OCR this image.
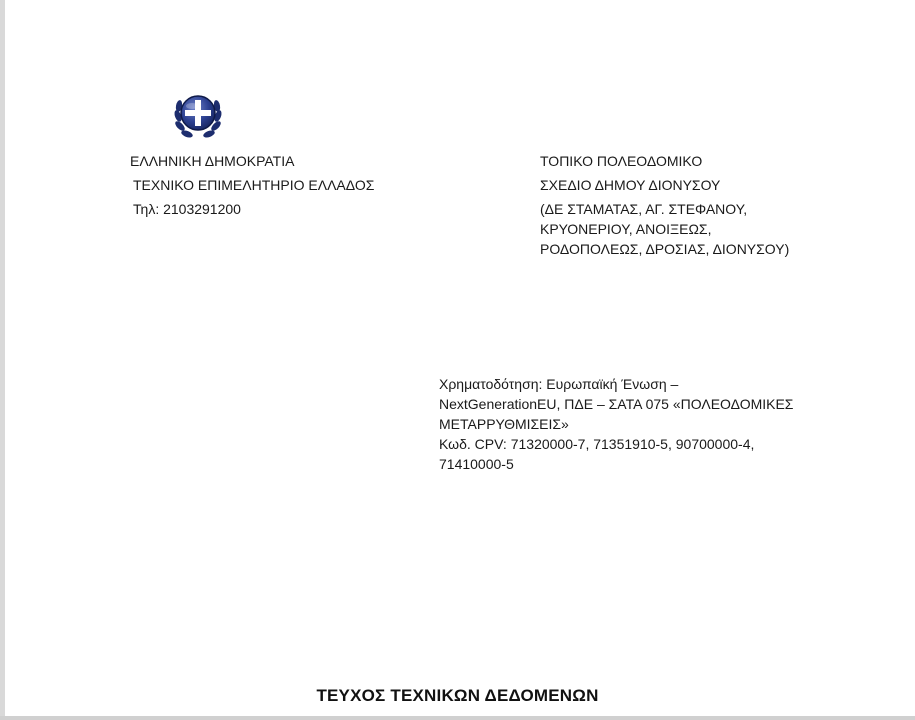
ΕΛΛΗΝΙΚΗ ΔΗΜΟΚΡΑΤΙΑ
ΤΕΧΝΙΚΟ ΕΠΙΜΕΛΗΤΗΡΙΟ ΕΛΛΑΔΟΣ
Τηλ: 2103291200
ΤΟΠΙΚΟ ΠΟΛΕΟΔΟΜΙΚΟ
ΣΧΕΔΙΟ ΔΗΜΟΥ ΔΙΟΝΥΣΟΥ
(ΔΕ ΣΤΑΜΑΤΑΣ, ΑΓ. ΣΤΕΦΑΝΟΥ,
ΚΡΥΟΝΕΡΙΟΥ, ΑΝΟΙΞΕΩΣ,
ΡΟΔΟΠΟΛΕΩΣ, ΔΡΟΣΙΑΣ, ΔΙΟΝΥΣΟΥ)
Χρηματοδότηση: Ευρωπαϊκή Ένωση –
NextGenerationEU, ΠΔΕ – ΣΑΤΑ 075 «ΠΟΛΕΟΔΟΜΙΚΕΣ
ΜΕΤΑΡΡΥΘΜΙΣΕΙΣ»
Κωδ. CPV: 71320000-7, 71351910-5, 90700000-4,
71410000-5
ΤΕΥΧΟΣ ΤΕΧΝΙΚΩΝ ΔΕΔΟΜΕΝΩΝ
